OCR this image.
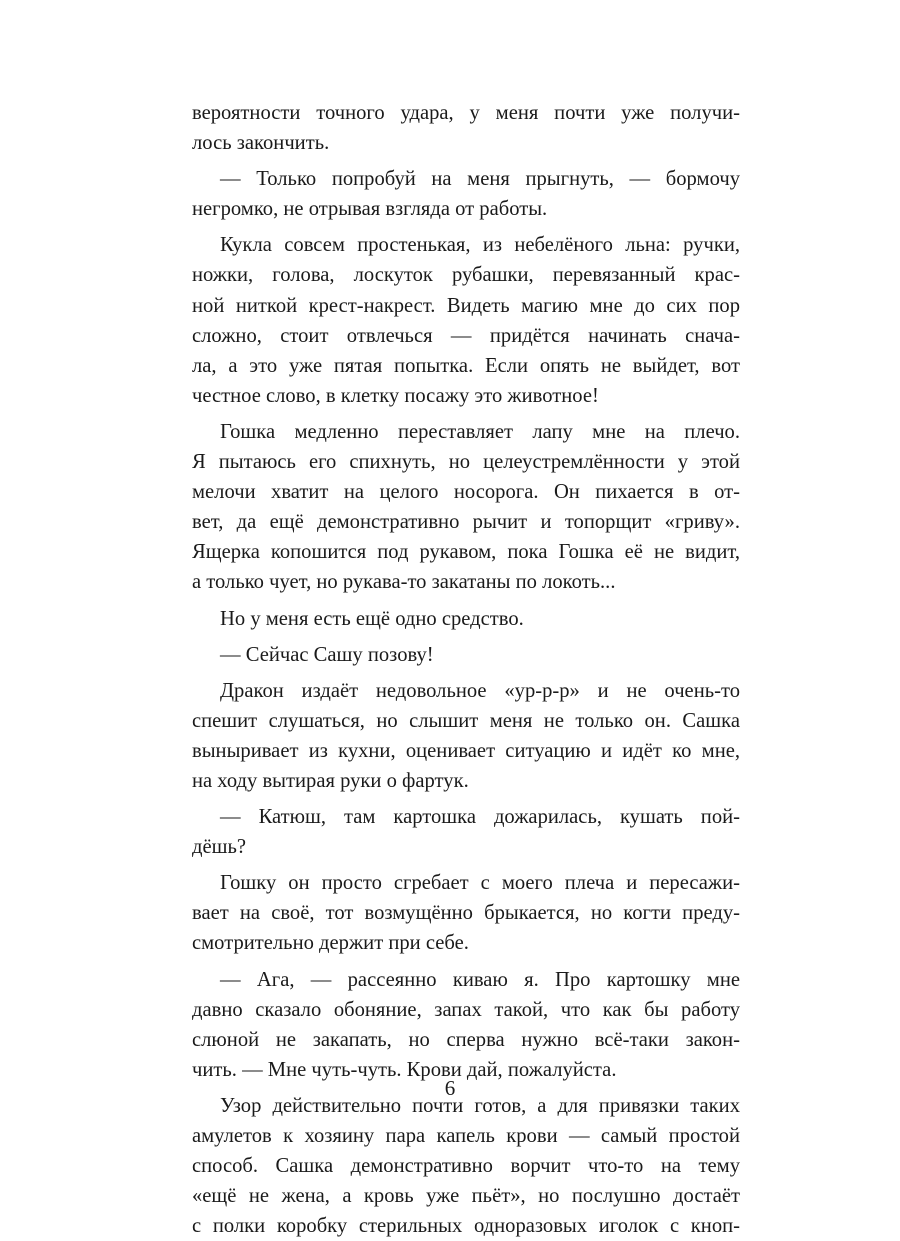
вероятности точного удара, у меня почти уже получи-
лось закончить.
— Только попробуй на меня прыгнуть, — бормочу
негромко, не отрывая взгляда от работы.
Кукла совсем простенькая, из небелёного льна: ручки,
ножки, голова, лоскуток рубашки, перевязанный крас-
ной ниткой крест-накрест. Видеть магию мне до сих пор
сложно, стоит отвлечься — придётся начинать снача-
ла, а это уже пятая попытка. Если опять не выйдет, вот
честное слово, в клетку посажу это животное!
Гошка медленно переставляет лапу мне на плечо.
Я пытаюсь его спихнуть, но целеустремлённости у этой
мелочи хватит на целого носорога. Он пихается в от-
вет, да ещё демонстративно рычит и топорщит «гриву».
Ящерка копошится под рукавом, пока Гошка её не видит,
а только чует, но рукава-то закатаны по локоть...
Но у меня есть ещё одно средство.
— Сейчас Сашу позову!
Дракон издаёт недовольное «ур-р-р» и не очень-то
спешит слушаться, но слышит меня не только он. Сашка
выныривает из кухни, оценивает ситуацию и идёт ко мне,
на ходу вытирая руки о фартук.
— Катюш, там картошка дожарилась, кушать пой-
дёшь?
Гошку он просто сгребает с моего плеча и пересажи-
вает на своё, тот возмущённо брыкается, но когти преду-
смотрительно держит при себе.
— Ага, — рассеянно киваю я. Про картошку мне
давно сказало обоняние, запах такой, что как бы работу
слюной не закапать, но сперва нужно всё-таки закон-
чить. — Мне чуть-чуть. Крови дай, пожалуйста.
Узор действительно почти готов, а для привязки таких
амулетов к хозяину пара капель крови — самый простой
способ. Сашка демонстративно ворчит что-то на тему
«ещё не жена, а кровь уже пьёт», но послушно достаёт
с полки коробку стерильных одноразовых иголок с кноп-
6
